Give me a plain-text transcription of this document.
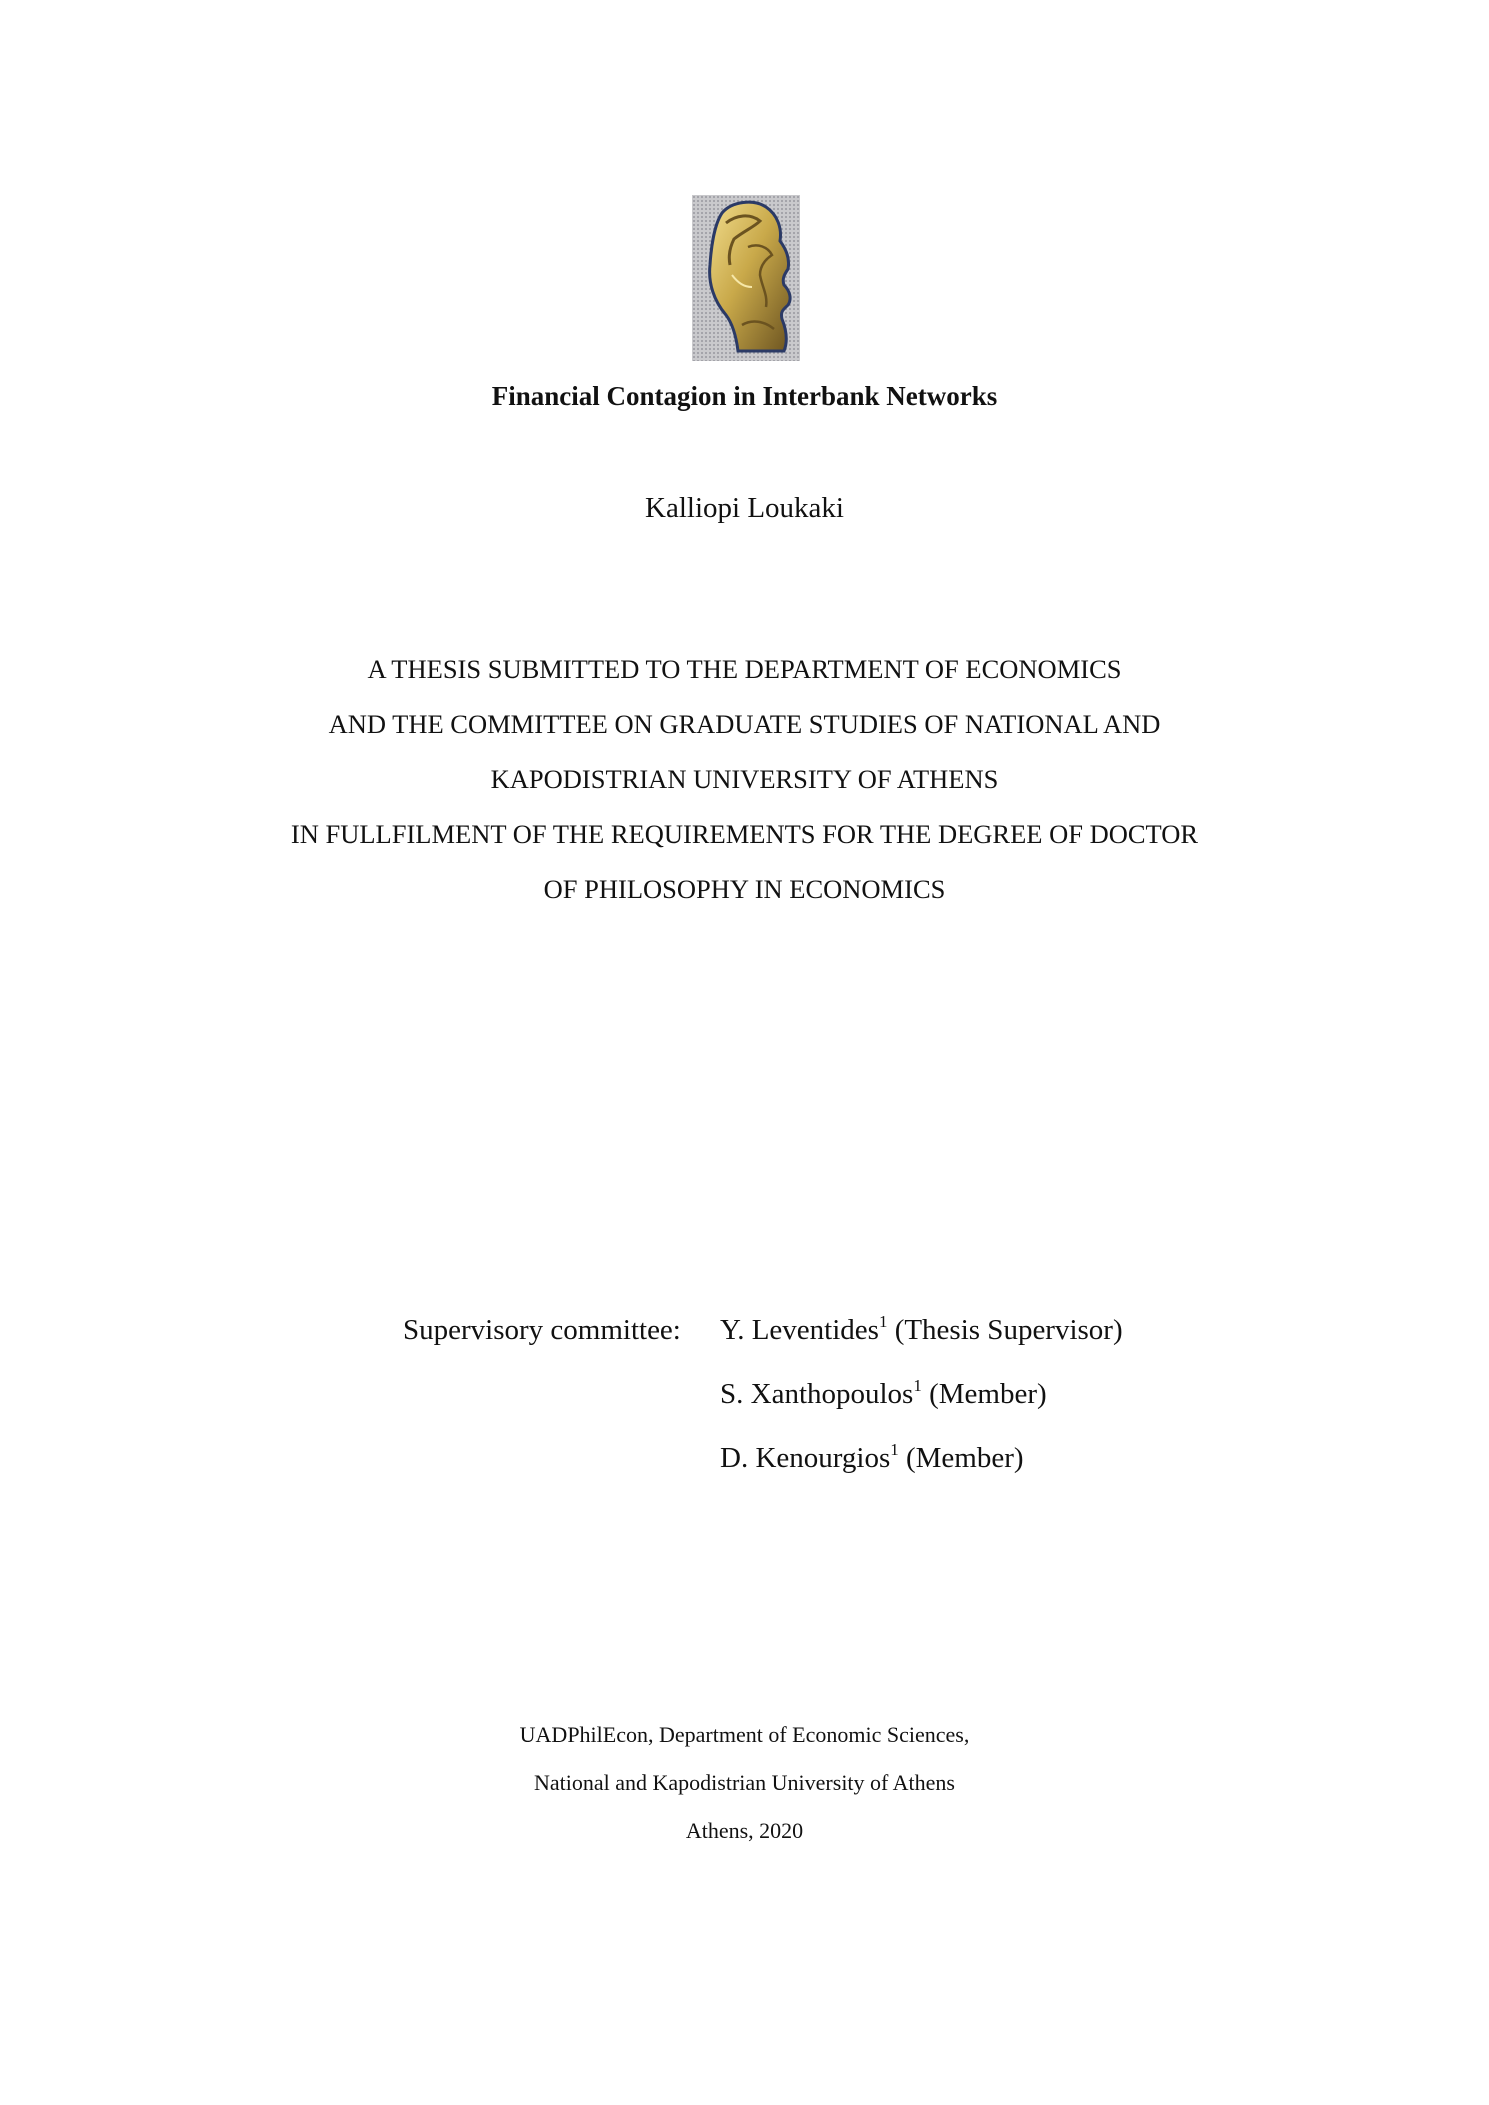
Financial Contagion in Interbank Networks
Kalliopi Loukaki
A THESIS SUBMITTED TO THE DEPARTMENT OF ECONOMICS
AND THE COMMITTEE ON GRADUATE STUDIES OF NATIONAL AND
KAPODISTRIAN UNIVERSITY OF ATHENS
IN FULLFILMENT OF THE REQUIREMENTS FOR THE DEGREE OF DOCTOR
OF PHILOSOPHY IN ECONOMICS
Supervisory committee: Y. Leventides$^1$ (Thesis Supervisor)
S. Xanthopoulos$^1$ (Member)
D. Kenourgios$^1$ (Member)
UADPhilEcon, Department of Economic Sciences,
National and Kapodistrian University of Athens
Athens, 2020
